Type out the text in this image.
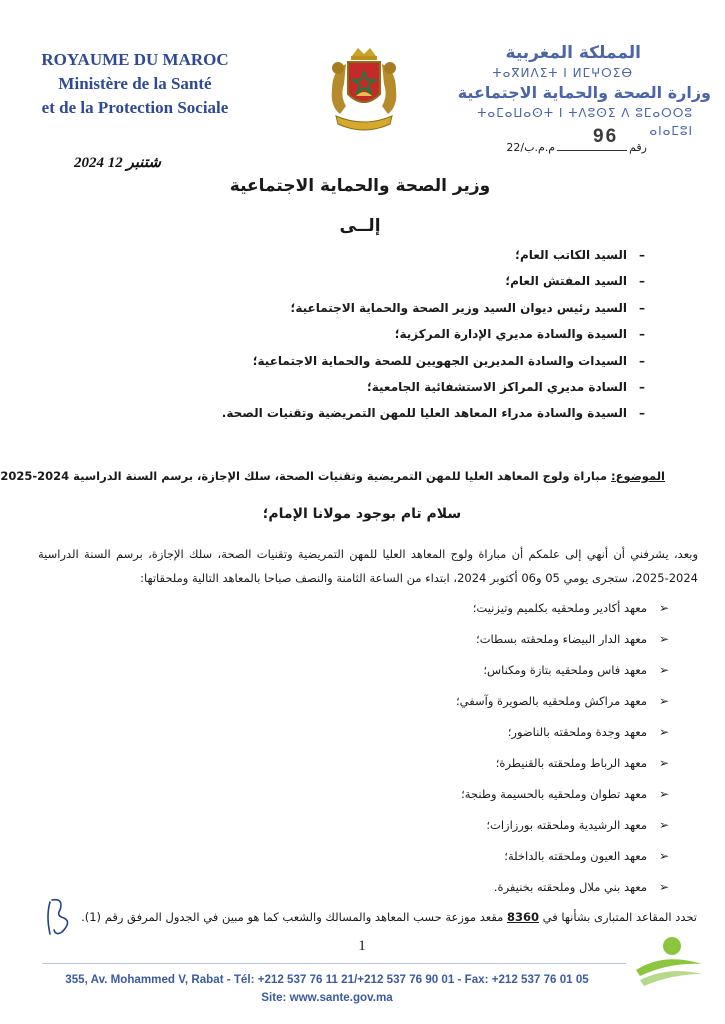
ROYAUME DU MAROC
Ministère de la Santé
et de la Protection Sociale
المملكة المغربية
ⵜⴰⴳⵍⴷⵉⵜ ⵏ ⵍⵎⵖⵔⵉⴱ
وزارة الصحة والحماية الاجتماعية
ⵜⴰⵎⴰⵡⴰⵙⵜ ⵏ ⵜⴷⵓⵙⵉ ⴷ ⵓⵎⴰⵔⵔⵓ ⴰⵏⴰⵎⵓⵏ
96
رقمم.م.ب/22
2024 شتنبر 12
وزير الصحة والحماية الاجتماعية
إلــى
–
السيد الكاتب العام؛
–
السيد المفتش العام؛
–
السيد رئيس ديوان السيد وزير الصحة والحماية الاجتماعية؛
–
السيدة والسادة مديري الإدارة المركزية؛
–
السيدات والسادة المديرين الجهويين للصحة والحماية الاجتماعية؛
–
السادة مديري المراكز الاستشفائية الجامعية؛
–
السيدة والسادة مدراء المعاهد العليا للمهن التمريضية وتقنيات الصحة.
الموضوع: مباراة ولوج المعاهد العليا للمهن التمريضية وتقنيات الصحة، سلك الإجازة، برسم السنة الدراسية 2024-2025
سلام تام بوجود مولانا الإمام؛
وبعد، يشرفني أن أنهي إلى علمكم أن مباراة ولوج المعاهد العليا للمهن التمريضية وتقنيات الصحة، سلك الإجازة، برسم السنة الدراسية 2024-2025، ستجرى يومي 05 و06 أكتوبر 2024، ابتداء من الساعة الثامنة والنصف صباحا بالمعاهد التالية وملحقاتها:
➢
معهد أكادير وملحقيه بكلميم وتيزنيت؛
➢
معهد الدار البيضاء وملحقته بسطات؛
➢
معهد فاس وملحقيه بتازة ومكناس؛
➢
معهد مراكش وملحقيه بالصويرة وآسفي؛
➢
معهد وجدة وملحقته بالناضور؛
➢
معهد الرباط وملحقته بالقنيطرة؛
➢
معهد تطوان وملحقيه بالحسيمة وطنجة؛
➢
معهد الرشيدية وملحقته بورزازات؛
➢
معهد العيون وملحقته بالداخلة؛
➢
معهد بني ملال وملحقته بخنيفرة.
تحدد المقاعد المتبارى بشأنها في 8360 مقعد موزعة حسب المعاهد والمسالك والشعب كما هو مبين في الجدول المرفق رقم (1).
1
355, Av. Mohammed V, Rabat - Tél: +212 537 76 11 21/+212 537 76 90 01 - Fax: +212 537 76 01 05
Site: www.sante.gov.ma
